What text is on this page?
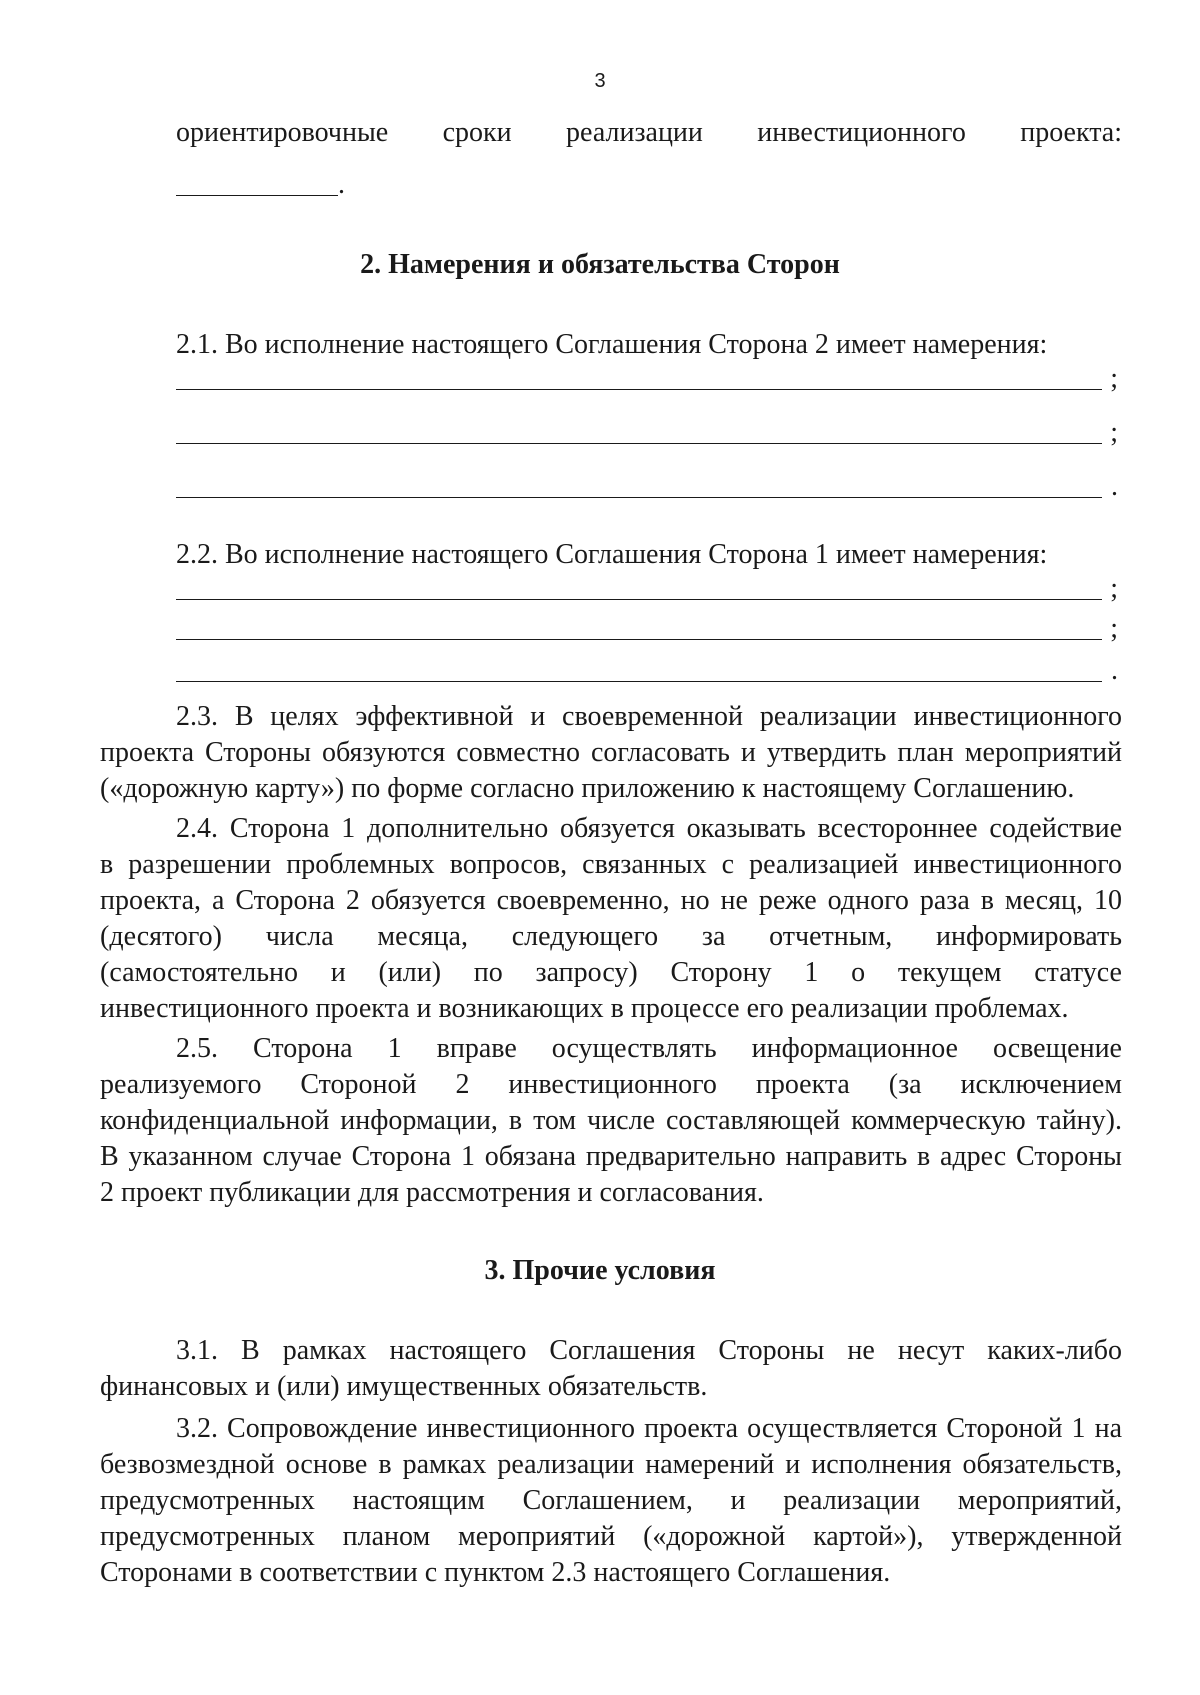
3
ориентировочные сроки реализации инвестиционного проекта:
.
2. Намерения и обязательства Сторон
2.1. Во исполнение настоящего Соглашения Сторона 2 имеет намерения:
;
;
.
2.2. Во исполнение настоящего Соглашения Сторона 1 имеет намерения:
;
;
.
2.3. В целях эффективной и своевременной реализации инвестиционного
проекта Стороны обязуются совместно согласовать и утвердить план мероприятий
(«дорожную карту») по форме согласно приложению к настоящему Соглашению.
2.4. Сторона 1 дополнительно обязуется оказывать всестороннее содействие
в разрешении проблемных вопросов, связанных с реализацией инвестиционного
проекта, а Сторона 2 обязуется своевременно, но не реже одного раза в месяц, 10
(десятого) числа месяца, следующего за отчетным, информировать
(самостоятельно и (или) по запросу) Сторону 1 о текущем статусе
инвестиционного проекта и возникающих в процессе его реализации проблемах.
2.5. Сторона 1 вправе осуществлять информационное освещение
реализуемого Стороной 2 инвестиционного проекта (за исключением
конфиденциальной информации, в том числе составляющей коммерческую тайну).
В указанном случае Сторона 1 обязана предварительно направить в адрес Стороны
2 проект публикации для рассмотрения и согласования.
3. Прочие условия
3.1. В рамках настоящего Соглашения Стороны не несут каких-либо
финансовых и (или) имущественных обязательств.
3.2. Сопровождение инвестиционного проекта осуществляется Стороной 1 на
безвозмездной основе в рамках реализации намерений и исполнения обязательств,
предусмотренных настоящим Соглашением, и реализации мероприятий,
предусмотренных планом мероприятий («дорожной картой»), утвержденной
Сторонами в соответствии с пунктом 2.3 настоящего Соглашения.
